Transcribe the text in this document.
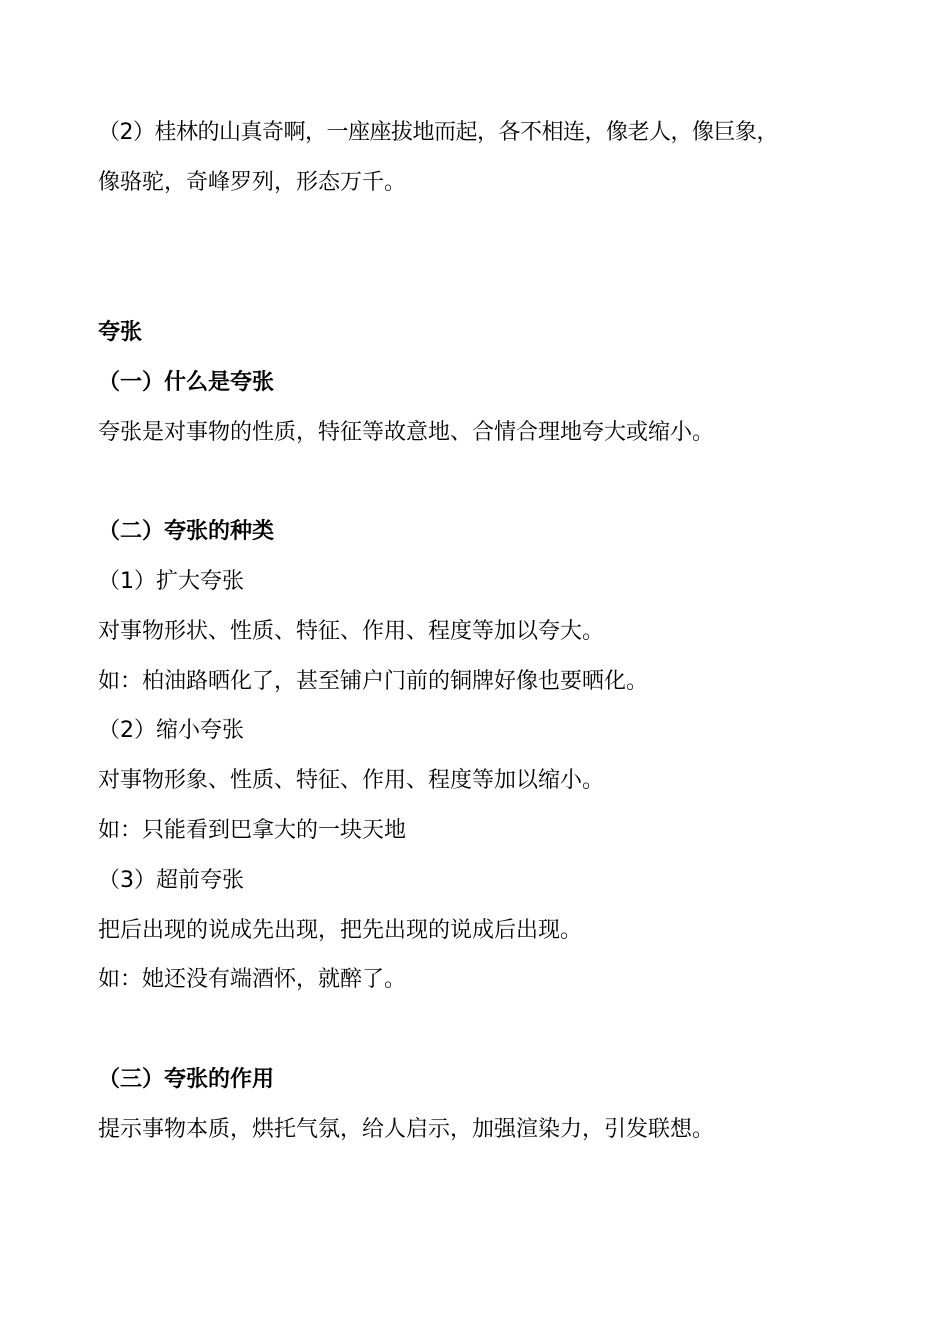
（2）桂林的山真奇啊，一座座拔地而起，各不相连，像老人，像巨象，
像骆驼，奇峰罗列，形态万千。
夸张
（一）什么是夸张
夸张是对事物的性质，特征等故意地、合情合理地夸大或缩小。
（二）夸张的种类
（1）扩大夸张
对事物形状、性质、特征、作用、程度等加以夸大。
如：柏油路晒化了，甚至铺户门前的铜牌好像也要晒化。
（2）缩小夸张
对事物形象、性质、特征、作用、程度等加以缩小。
如：只能看到巴拿大的一块天地
（3）超前夸张
把后出现的说成先出现，把先出现的说成后出现。
如：她还没有端酒怀，就醉了。
（三）夸张的作用
提示事物本质，烘托气氛，给人启示，加强渲染力，引发联想。
